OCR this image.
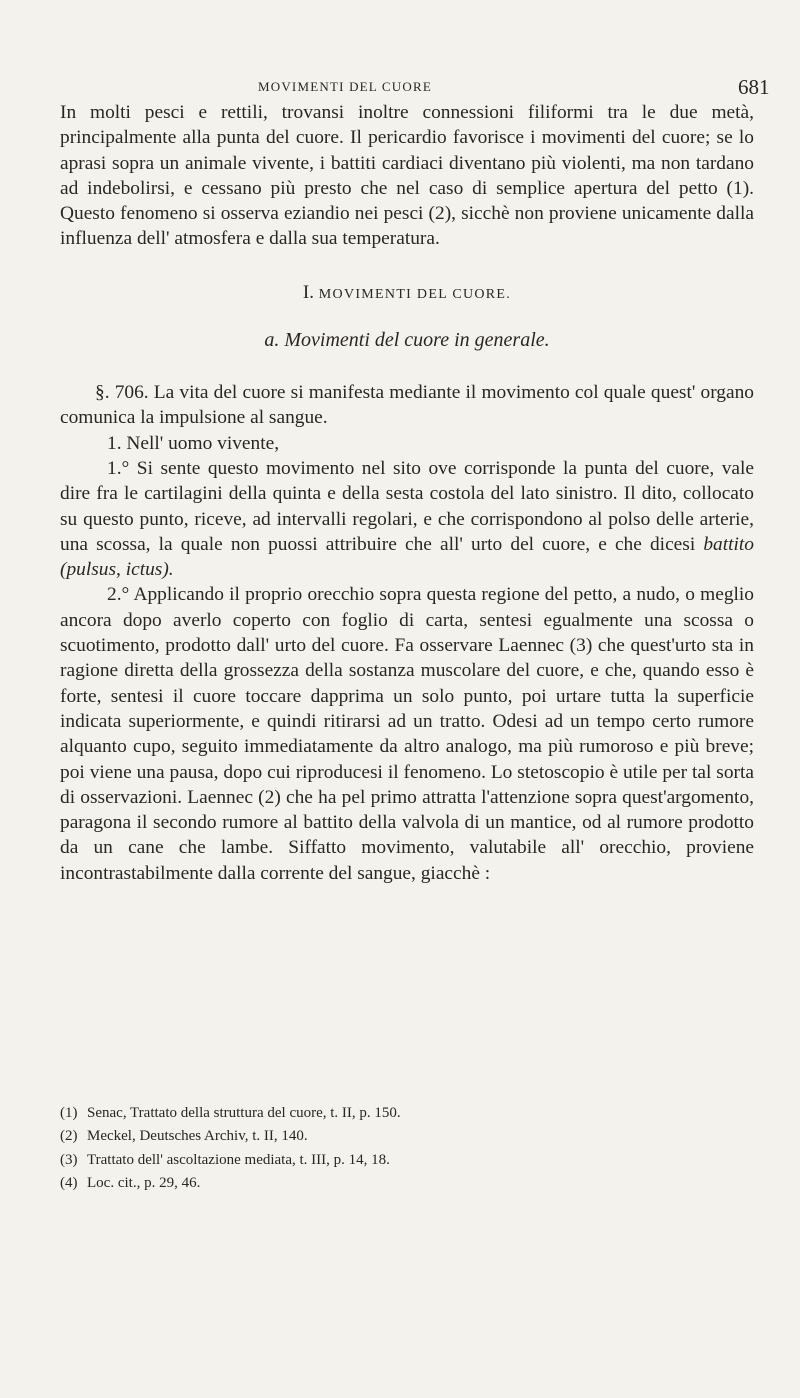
MOVIMENTI DEL CUORE	681

In molti pesci e rettili, trovansi inoltre connessioni filiformi tra le due metà, principalmente alla punta del cuore. Il pericardio favorisce i movimenti del cuore; se lo aprasi sopra un animale vivente, i battiti cardiaci diventano più violenti, ma non tardano ad indebolirsi, e cessano più presto che nel caso di semplice apertura del petto (1). Questo fenomeno si osserva eziandio nei pesci (2), sicchè non proviene unicamente dalla influenza dell' atmosfera e dalla sua temperatura.

I. MOVIMENTI DEL CUORE.
a. Movimenti del cuore in generale.

§. 706. La vita del cuore si manifesta mediante il movimento col quale quest' organo comunica la impulsione al sangue.

1. Nell' uomo vivente,

1.° Si sente questo movimento nel sito ove corrisponde la punta del cuore, vale dire fra le cartilagini della quinta e della sesta costola del lato sinistro. Il dito, collocato su questo punto, riceve, ad intervalli regolari, e che corrispondono al polso delle arterie, una scossa, la quale non puossi attribuire che all' urto del cuore, e che dicesi battito (pulsus, ictus).

2.° Applicando il proprio orecchio sopra questa regione del petto, a nudo, o meglio ancora dopo averlo coperto con foglio di carta, sentesi egualmente una scossa o scuotimento, prodotto dall' urto del cuore. Fa osservare Laennec (3) che quest'urto sta in ragione diretta della grossezza della sostanza muscolare del cuore, e che, quando esso è forte, sentesi il cuore toccare dapprima un solo punto, poi urtare tutta la superficie indicata superiormente, e quindi ritirarsi ad un tratto. Odesi ad un tempo certo rumore alquanto cupo, seguito immediatamente da altro analogo, ma più rumoroso e più breve; poi viene una pausa, dopo cui riproducesi il fenomeno. Lo stetoscopio è utile per tal sorta di osservazioni. Laennec (2) che ha pel primo attratta l'attenzione sopra quest'argomento, paragona il secondo rumore al battito della valvola di un mantice, od al rumore prodotto da un cane che lambe. Siffatto movimento, valutabile all' orecchio, proviene incontrastabilmente dalla corrente del sangue, giacchè :

(1) Senac, Trattato della struttura del cuore, t. II, p. 150.
(2) Meckel, Deutsches Archiv, t. II, 140.
(3) Trattato dell' ascoltazione mediata, t. III, p. 14, 18.
(4) Loc. cit., p. 29, 46.
